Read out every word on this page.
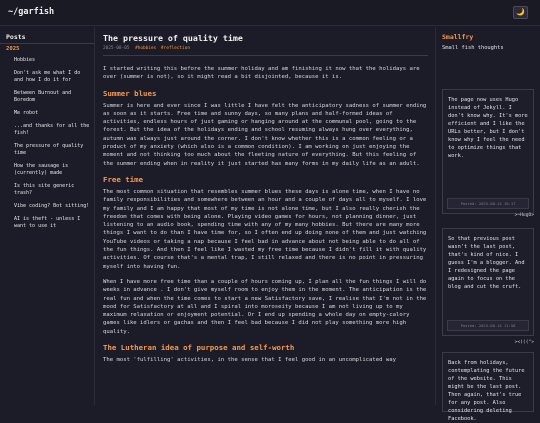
~/garfish	🌙
Posts
2025
Hobbies
Don't ask me what I do and how I do it for
Between Burnout and Boredom
Me robot
...and thanks for all the fish!
The pressure of quality time
How the sausage is (currently) made
Is this site generic trash?
Vibe coding? Bot sitting!
AI is theft - unless I want to use it
The pressure of quality time
2025-08-05 #hobbies #reflection

I started writing this before the summer holiday and am finishing it now that the holidays are over (summer is not), so it might read a bit disjointed, because it is.

Summer blues

Summer is here and ever since I was little I have felt the anticipatory sadness of summer ending as soon as it starts. Free time and sunny days, so many plans and half-formed ideas of activities, endless hours of just gaming or hanging around at the communal pool, going to the forest. But the idea of the holidays ending and school resuming always hung over everything, autumn was always just around the corner. I don't know whether this is a common feeling or a product of my anxiety (which also is a common condition). I am working on just enjoying the moment and not thinking too much about the fleeting nature of everything. But this feeling of the summer ending when in reality it just started has many forms in my daily life as an adult.

Free time

The most common situation that resembles summer blues these days is alone time, when I have no family responsibilities and somewhere between an hour and a couple of days all to myself. I love my family and I am happy that most of my time is not alone time, but I also really cherish the freedom that comes with being alone. Playing video games for hours, not planning dinner, just listening to an audio book, spending time with any of my many hobbies. But there are many more things I want to do than I have time for, so I often end up doing none of them and just watching YouTube videos or taking a nap because I feel bad in advance about not being able to do all of the fun things. And then I feel like I wasted my free time because I didn't fill it with quality activities. Of course that's a mental trap, I still relaxed and there is no point in pressuring myself into having fun.

When I have more free time than a couple of hours coming up, I plan all the fun things I will do weeks in advance . I don't give myself room to enjoy them in the moment. The anticipation is the real fun and when the time comes to start a new Satisfactory save, I realise that I'm not in the mood for Satisfactory at all and I spiral into moroseity because I am not living up to my maximum relaxation or enjoyment potential. Or I end up spending a whole day on empty-calory games like idlers or gachas and then I feel bad because I did not play something more high quality.

The Lutheran idea of purpose and self-worth

The most 'fulfilling' activities, in the sense that I feel good in an uncomplicated way

Smallfry
Small fish thoughts
The page now uses Hugo instead of Jekyll. I don't know why. It's more efficient and I like the URLs better, but I don't know why I feel the need to optimize things that work.
Posted: 2025-08-14 10:17
>~HugO>
So that previous post wasn't the last post, that's kind of nice. I guess I'm a blogger. And I redesigned the page again to focus on the blog and cut the cruft.
Posted: 2025-08-14 11:58
><(((°>
Back from holidays, contemplating the future of the website. This might be the last post. Then again, that's true for any post. Also considering deleting Facebook.
